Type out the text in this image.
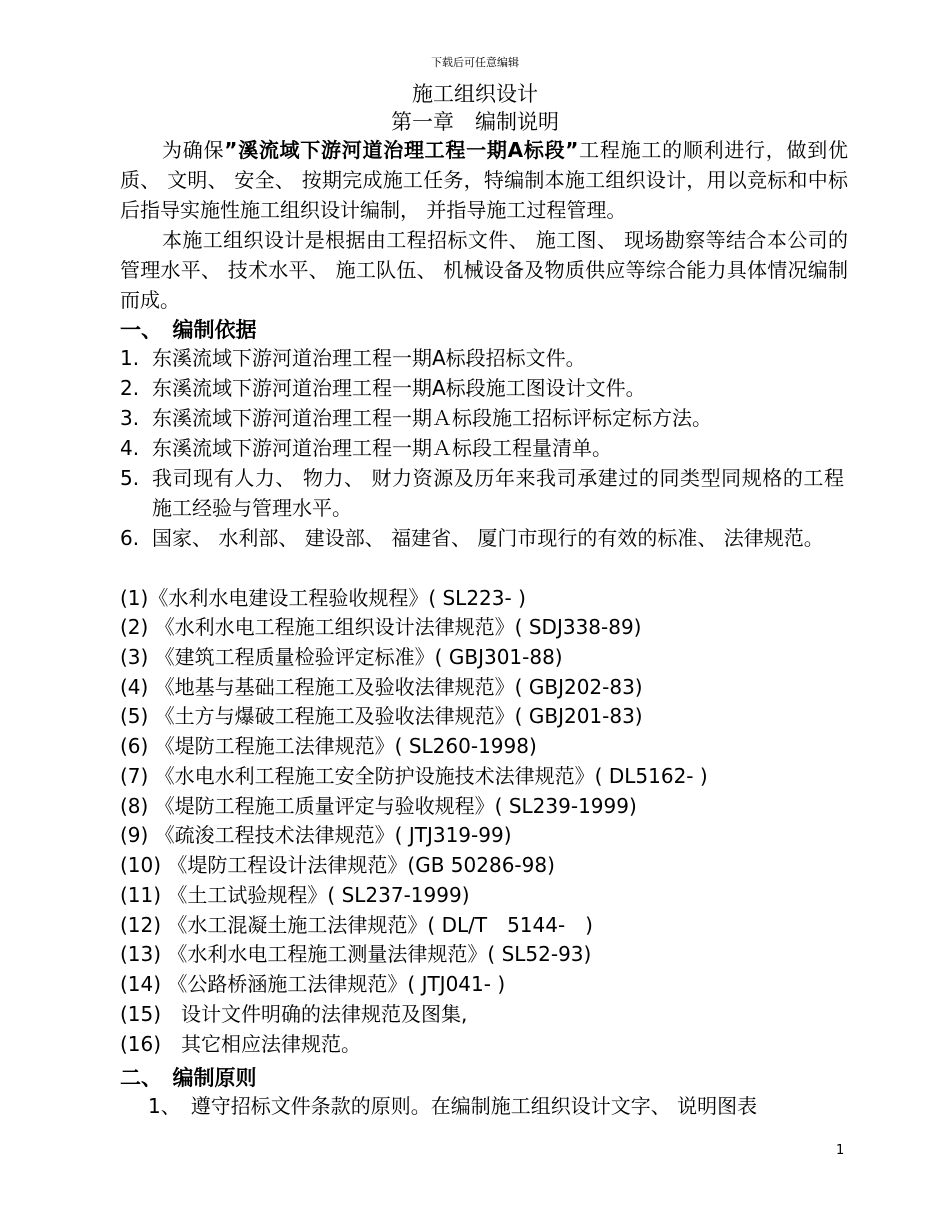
下载后可任意编辑
施工组织设计
第一章　编制说明
为确保”溪流域下游河道治理工程一期A标段”工程施工的顺利进行，做到优质、 文明、 安全、 按期完成施工任务，特编制本施工组织设计，用以竞标和中标后指导实施性施工组织设计编制， 并指导施工过程管理。
本施工组织设计是根据由工程招标文件、 施工图、 现场勘察等结合本公司的管理水平、 技术水平、 施工队伍、 机械设备及物质供应等综合能力具体情况编制而成。
一、　编制依据
1. 东溪流域下游河道治理工程一期A标段招标文件。
2. 东溪流域下游河道治理工程一期A标段施工图设计文件。
3. 东溪流域下游河道治理工程一期Ａ标段施工招标评标定标方法。
4. 东溪流域下游河道治理工程一期Ａ标段工程量清单。
5. 我司现有人力、 物力、 财力资源及历年来我司承建过的同类型同规格的工程施工经验与管理水平。
6. 国家、 水利部、 建设部、 福建省、 厦门市现行的有效的标准、 法律规范。
(1)《水利水电建设工程验收规程》( SL223- )
(2) 《水利水电工程施工组织设计法律规范》( SDJ338-89)
(3) 《建筑工程质量检验评定标准》( GBJ301-88)
(4) 《地基与基础工程施工及验收法律规范》( GBJ202-83)
(5) 《土方与爆破工程施工及验收法律规范》( GBJ201-83)
(6) 《堤防工程施工法律规范》( SL260-1998)
(7) 《水电水利工程施工安全防护设施技术法律规范》( DL5162- )
(8) 《堤防工程施工质量评定与验收规程》( SL239-1999)
(9) 《疏浚工程技术法律规范》( JTJ319-99)
(10) 《堤防工程设计法律规范》(GB 50286-98)
(11) 《土工试验规程》( SL237-1999)
(12) 《水工混凝土施工法律规范》( DL/T　5144-　)
(13) 《水利水电工程施工测量法律规范》( SL52-93)
(14) 《公路桥涵施工法律规范》( JTJ041- )
(15)　设计文件明确的法律规范及图集,
(16)　其它相应法律规范。
二、　编制原则
1、　遵守招标文件条款的原则。在编制施工组织设计文字、 说明图表
1
